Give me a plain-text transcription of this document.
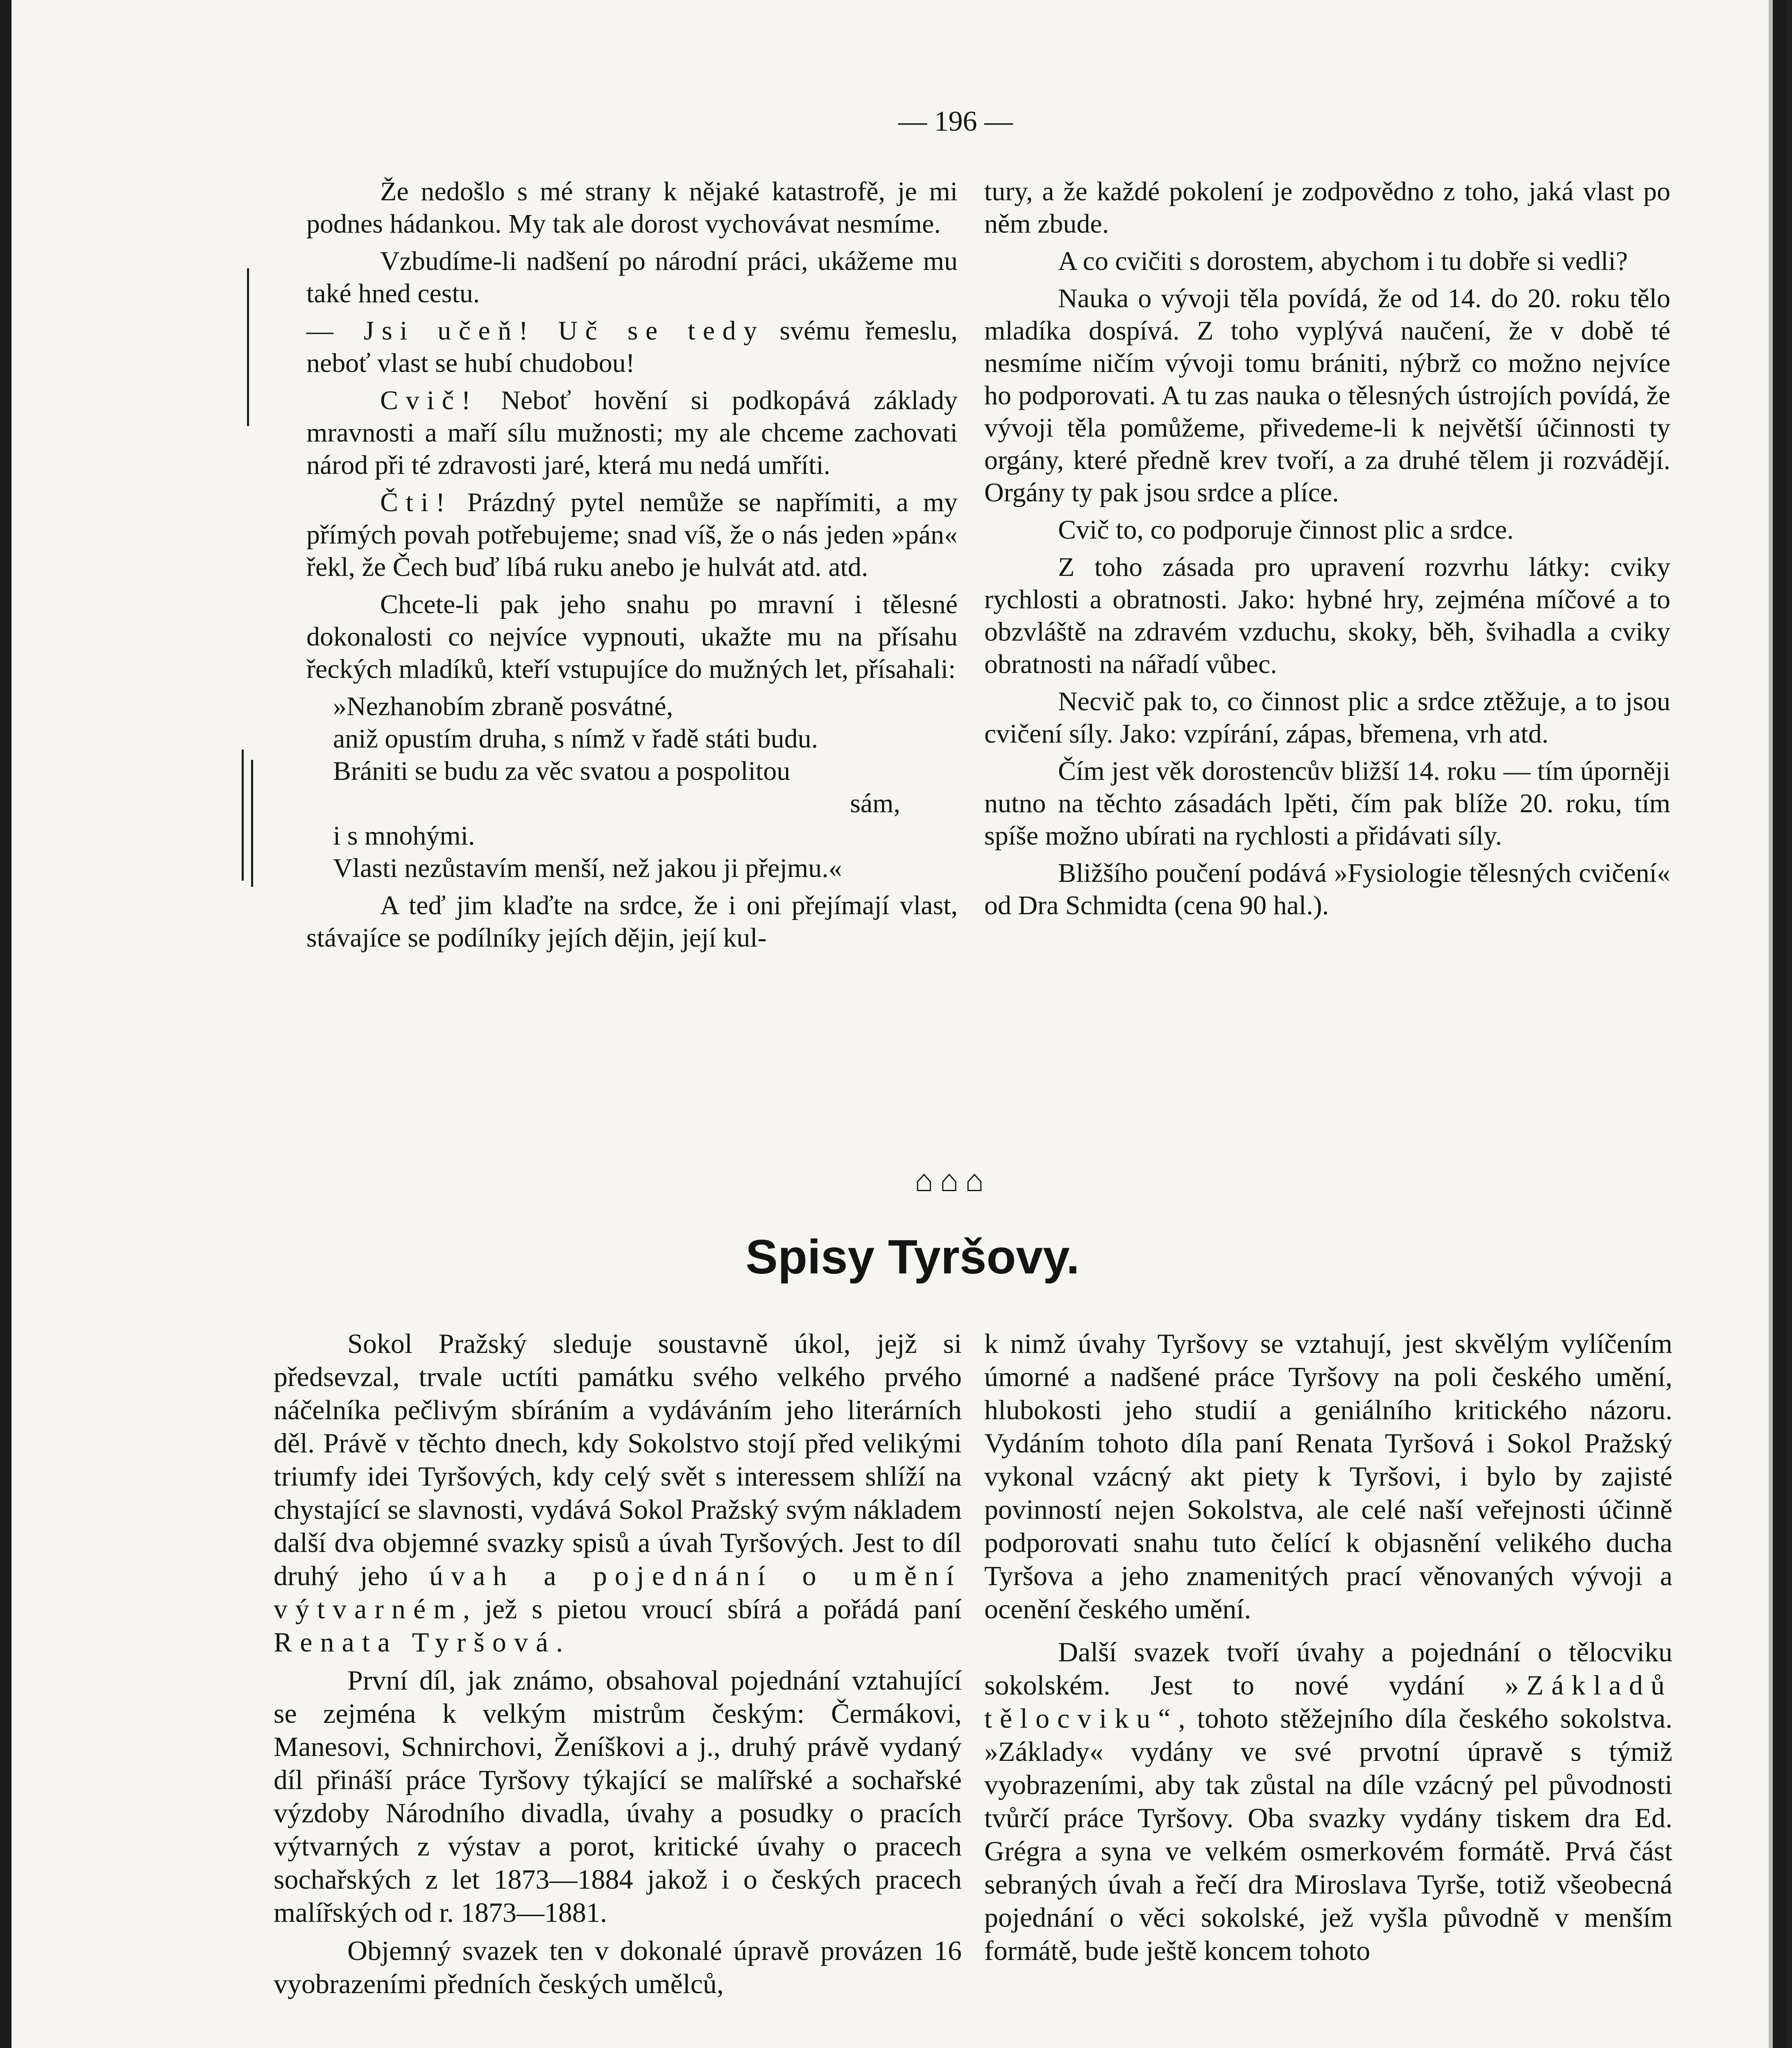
— 196 —

Že nedošlo s mé strany k nějaké katastrofě, je mi podnes hádankou. My tak ale dorost vychovávat nesmíme.

Vzbudíme-li nadšení po národní práci, ukážeme mu také hned cestu.

— Jsi učeň! Uč se tedy svému řemeslu, neboť vlast se hubí chudobou!

Cvič! Neboť hovění si podkopává základy mravnosti a maří sílu mužnosti; my ale chceme zachovati národ při té zdravosti jaré, která mu nedá umříti.

Čti! Prázdný pytel nemůže se napřímiti, a my přímých povah potřebujeme; snad víš, že o nás jeden »pán« řekl, že Čech buď líbá ruku anebo je hulvát atd. atd.

Chcete-li pak jeho snahu po mravní i tělesné dokonalosti co nejvíce vypnouti, ukažte mu na přísahu řeckých mladíků, kteří vstupujíce do mužných let, přísahali:

»Nezhanobím zbraně posvátné,
aniž opustím druha, s nímž v řadě státi budu.
Brániti se budu za věc svatou a pospolitou
sám,
i s mnohými.
Vlasti nezůstavím menší, než jakou ji přejmu.«

A teď jim klaďte na srdce, že i oni přejímají vlast, stávajíce se podílníky jejích dějin, její kul-

tury, a že každé pokolení je zodpovědno z toho, jaká vlast po něm zbude.

A co cvičiti s dorostem, abychom i tu dobře si vedli?

Nauka o vývoji těla povídá, že od 14. do 20. roku tělo mladíka dospívá. Z toho vyplývá naučení, že v době té nesmíme ničím vývoji tomu brániti, nýbrž co možno nejvíce ho podporovati. A tu zas nauka o tělesných ústrojích povídá, že vývoji těla pomůžeme, přivedeme-li k největší účinnosti ty orgány, které předně krev tvoří, a za druhé tělem ji rozvádějí. Orgány ty pak jsou srdce a plíce.

Cvič to, co podporuje činnost plic a srdce.

Z toho zásada pro upravení rozvrhu látky: cviky rychlosti a obratnosti. Jako: hybné hry, zejména míčové a to obzvláště na zdravém vzduchu, skoky, běh, švihadla a cviky obratnosti na nářadí vůbec.

Necvič pak to, co činnost plic a srdce ztěžuje, a to jsou cvičení síly. Jako: vzpírání, zápas, břemena, vrh atd.

Čím jest věk dorostencův bližší 14. roku — tím úporněji nutno na těchto zásadách lpěti, čím pak blíže 20. roku, tím spíše možno ubírati na rychlosti a přidávati síly.

Bližšího poučení podává »Fysiologie tělesných cvičení« od Dra Schmidta (cena 90 hal.).

⌂⌂⌂

Spisy Tyršovy.

Sokol Pražský sleduje soustavně úkol, jejž si předsevzal, trvale uctíti památku svého velkého prvého náčelníka pečlivým sbíráním a vydáváním jeho literárních děl. Právě v těchto dnech, kdy Sokolstvo stojí před velikými triumfy idei Tyršových, kdy celý svět s interessem shlíží na chystající se slavnosti, vydává Sokol Pražský svým nákladem další dva objemné svazky spisů a úvah Tyršových. Jest to díl druhý jeho úvah a pojednání o umění výtvarném, jež s pietou vroucí sbírá a pořádá paní Renata Tyršová.

První díl, jak známo, obsahoval pojednání vztahující se zejména k velkým mistrům českým: Čermákovi, Manesovi, Schnirchovi, Ženíškovi a j., druhý právě vydaný díl přináší práce Tyršovy týkající se malířské a sochařské výzdoby Národního divadla, úvahy a posudky o pracích výtvarných z výstav a porot, kritické úvahy o pracech sochařských z let 1873—1884 jakož i o českých pracech malířských od r. 1873—1881.

Objemný svazek ten v dokonalé úpravě provázen 16 vyobrazeními předních českých umělců,

k nimž úvahy Tyršovy se vztahují, jest skvělým vylíčením úmorné a nadšené práce Tyršovy na poli českého umění, hlubokosti jeho studií a geniálního kritického názoru. Vydáním tohoto díla paní Renata Tyršová i Sokol Pražský vykonal vzácný akt piety k Tyršovi, i bylo by zajisté povinností nejen Sokolstva, ale celé naší veřejnosti účinně podporovati snahu tuto čelící k objasnění velikého ducha Tyršova a jeho znamenitých prací věnovaných vývoji a ocenění českého umění.

Další svazek tvoří úvahy a pojednání o tělocviku sokolském. Jest to nové vydání »Základů tělocviku“, tohoto stěžejního díla českého sokolstva. »Základy« vydány ve své prvotní úpravě s týmiž vyobrazeními, aby tak zůstal na díle vzácný pel původnosti tvůrčí práce Tyršovy. Oba svazky vydány tiskem dra Ed. Grégra a syna ve velkém osmerkovém formátě. Prvá část sebraných úvah a řečí dra Miroslava Tyrše, totiž všeobecná pojednání o věci sokolské, jež vyšla původně v menším formátě, bude ještě koncem tohoto
